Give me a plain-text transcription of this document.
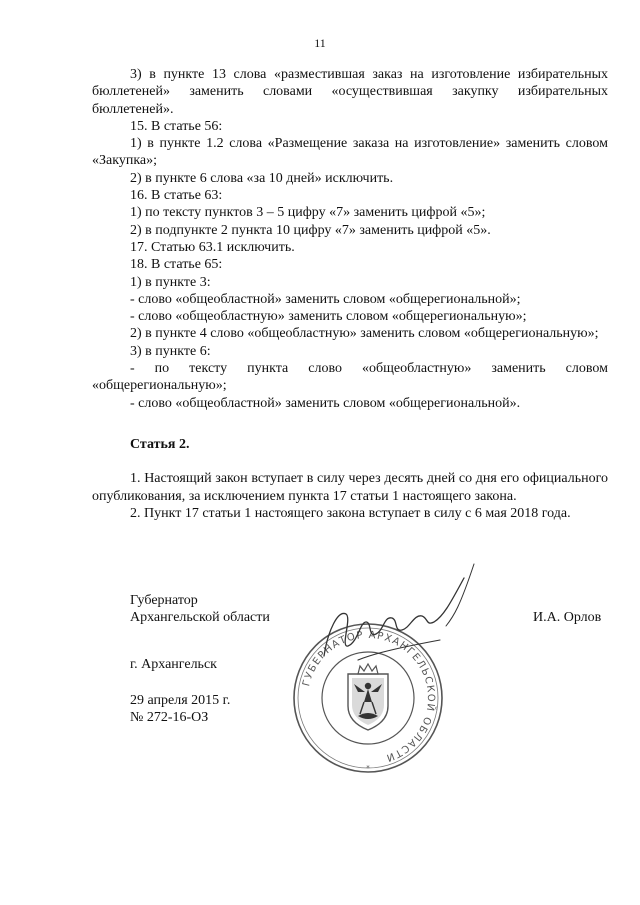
11

3) в пункте 13 слова «разместившая заказ на изготовление избирательных бюллетеней» заменить словами «осуществившая закупку избирательных бюллетеней».

15. В статье 56:

1) в пункте 1.2 слова «Размещение заказа на изготовление» заменить словом «Закупка»;

2) в пункте 6 слова «за 10 дней» исключить.

16. В статье 63:

1) по тексту пунктов 3 – 5 цифру «7» заменить цифрой «5»;

2) в подпункте 2 пункта 10 цифру «7» заменить цифрой «5».

17. Статью 63.1 исключить.

18. В статье 65:

1) в пункте 3:

- слово «общеобластной» заменить словом «общерегиональной»;

- слово «общеобластную» заменить словом «общерегиональную»;

2) в пункте 4 слово «общеобластную» заменить словом «общерегиональную»;

3) в пункте 6:

- по тексту пункта слово «общеобластную» заменить словом «общерегиональную»;

- слово «общеобластной» заменить словом «общерегиональной».

Статья 2.

1. Настоящий закон вступает в силу через десять дней со дня его официального опубликования, за исключением пункта 17 статьи 1 настоящего закона.

2. Пункт 17 статьи 1 настоящего закона вступает в силу с 6 мая 2018 года.

Губернатор
Архангельской области	И.А. Орлов
г. Архангельск
29 апреля 2015 г.
№ 272-16-ОЗ
ГУБЕРНАТОР АРХАНГЕЛЬСКОЙ ОБЛАСТИ
*
